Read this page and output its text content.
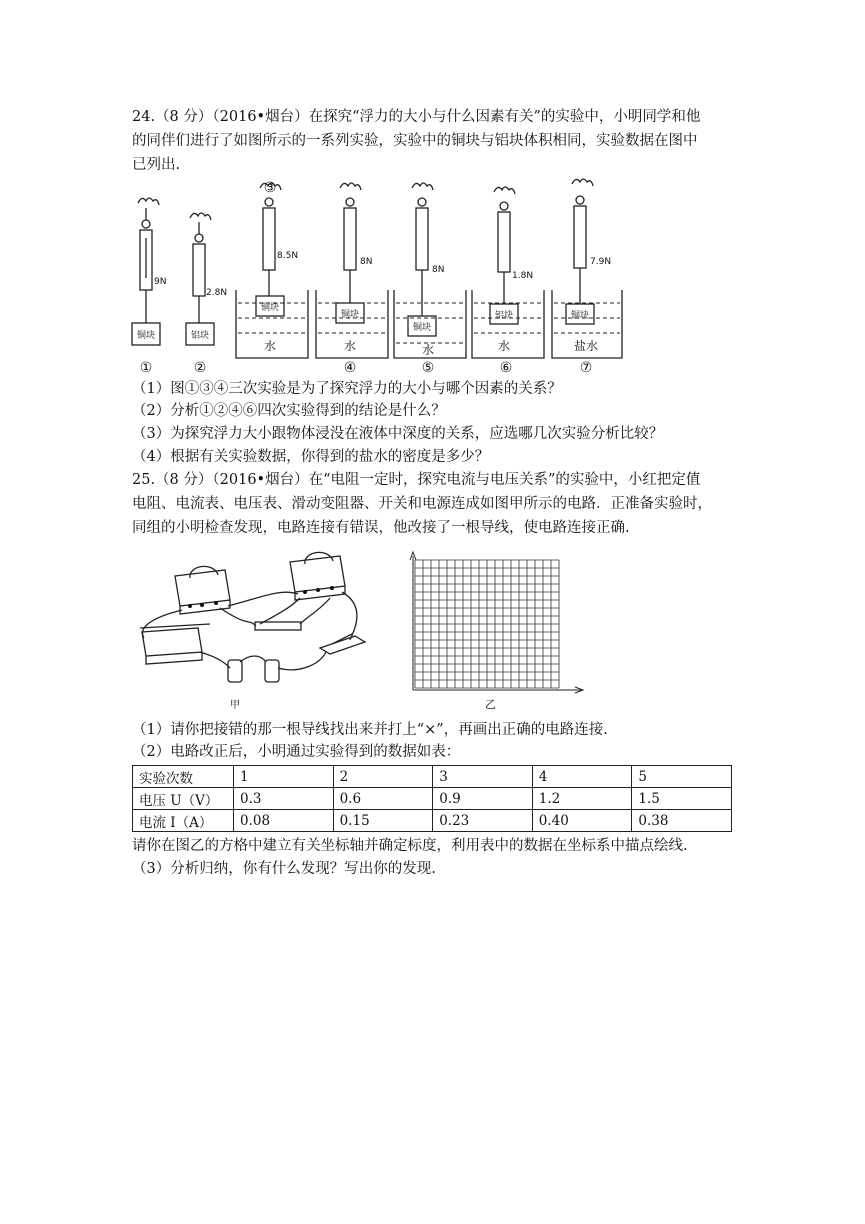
24.（8 分）（2016•烟台）在探究“浮力的大小与什么因素有关”的实验中，小明同学和他
的同伴们进行了如图所示的一系列实验，实验中的铜块与铝块体积相同，实验数据在图中
已列出.
9N
2.8N
8.5N
8N
8N
1.8N
7.9N
铜块	铝块
铜块
铜块
铜块
铝块	铜块
水	水	水	水	盐水
①	②
③
④	⑤	⑥	⑦
（1）图①③④三次实验是为了探究浮力的大小与哪个因素的关系？
（2）分析①②④⑥四次实验得到的结论是什么？
（3）为探究浮力大小跟物体浸没在液体中深度的关系，应选哪几次实验分析比较？
（4）根据有关实验数据，你得到的盐水的密度是多少？
25.（8 分）（2016•烟台）在“电阻一定时，探究电流与电压关系”的实验中，小红把定值
电阻、电流表、电压表、滑动变阻器、开关和电源连成如图甲所示的电路．正准备实验时，
同组的小明检查发现，电路连接有错误，他改接了一根导线，使电路连接正确.
甲	乙
（1）请你把接错的那一根导线找出来并打上“×”，再画出正确的电路连接.
（2）电路改正后，小明通过实验得到的数据如表：
实验次数	1	2	3	4	5
电压 U（V）	0.3	0.6	0.9	1.2	1.5
电流 I（A）	0.08	0.15	0.23	0.40	0.38
请你在图乙的方格中建立有关坐标轴并确定标度，利用表中的数据在坐标系中描点绘线.
（3）分析归纳，你有什么发现？写出你的发现.
